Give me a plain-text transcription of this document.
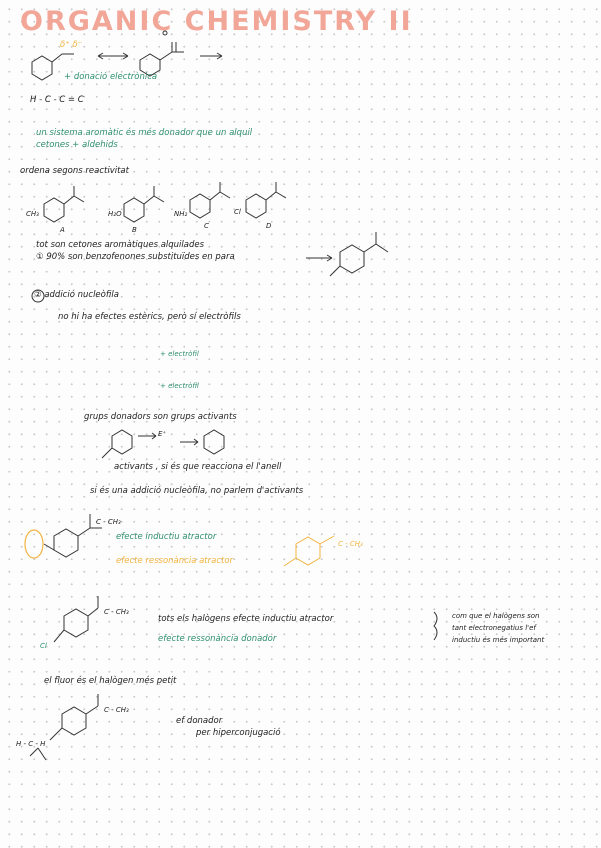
ORGANIC CHEMISTRY II
δ⁺ δ⁻
+ donació electrònica
H - C - C = C
un sistema aromàtic és més donador que un alquil
cetones + aldehids
ordena segons reactivitat
CH₃
A
H₂O
B
NH₂
C
Cl
D
tot son cetones aromàtiques alquilades
① 90% son benzofenones substituïdes en para
② addició nucleòfila
no hi ha efectes estèrics, però sí electròfils
+ electròfil
+ electròfil
grups donadors son grups activants
E⁺
activants , si és que reacciona el l'anell
si és una addició nucleòfila, no parlem d'activants
C - CH₃
efecte inductiu atractor
efecte ressonància atractor
C - CH₃
C - CH₃
Cl
tots els halògens efecte inductiu atractor
efecte ressonància donador
com que el halògens son
tant electronegatius l'ef
inductiu és més important
el fluor és el halògen més petit
C - CH₃
ef donador
per hiperconjugació
H - C - H
